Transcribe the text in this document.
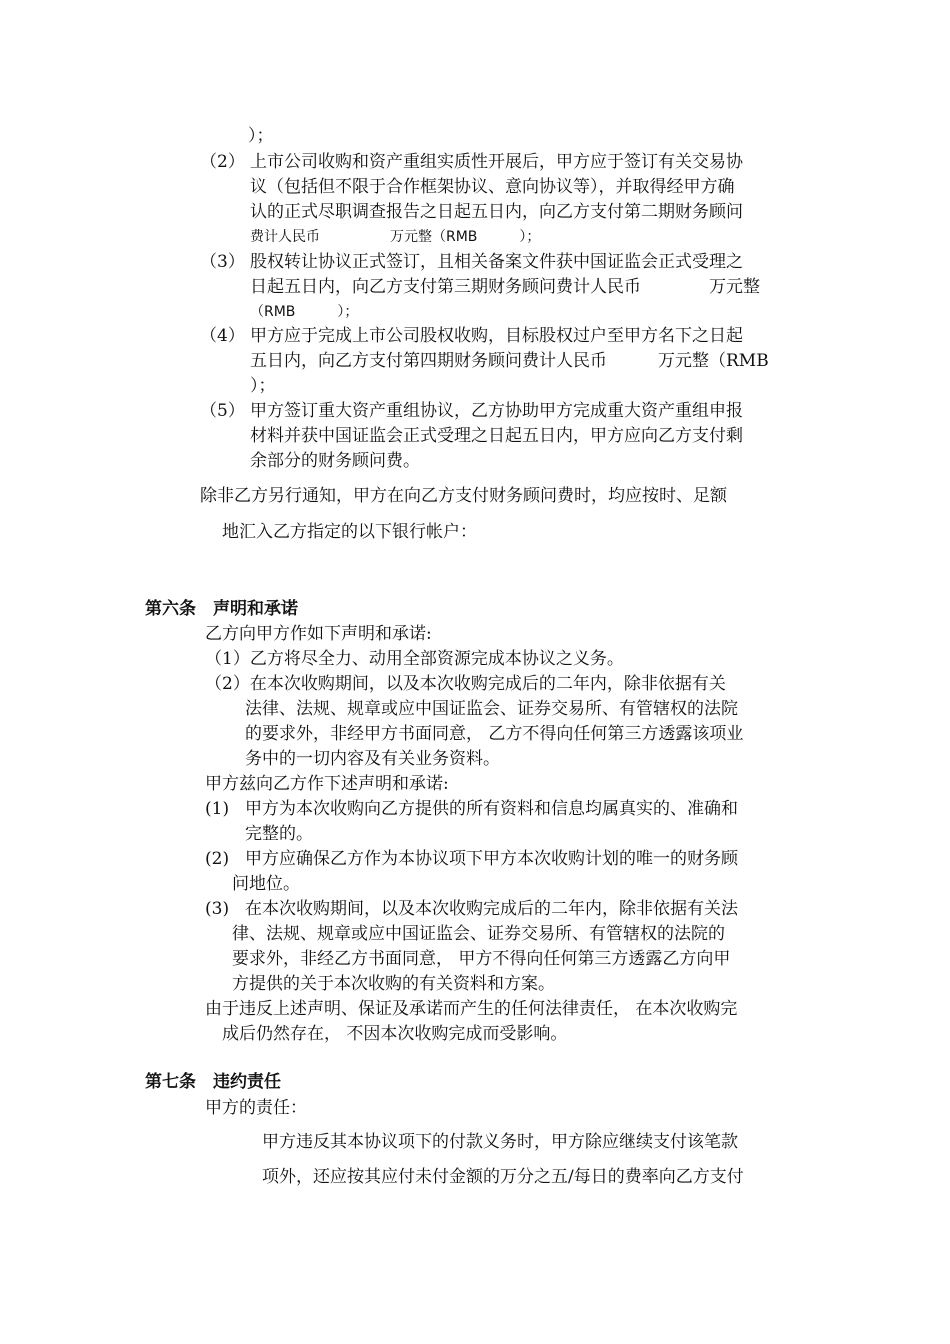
）；
（2） 上市公司收购和资产重组实质性开展后，甲方应于签订有关交易协
议（包括但不限于合作框架协议、意向协议等），并取得经甲方确
认的正式尽职调查报告之日起五日内，向乙方支付第二期财务顾问
费计人民币　　　　　万元整（RMB　　　）；
（3） 股权转让协议正式签订，且相关备案文件获中国证监会正式受理之
日起五日内，向乙方支付第三期财务顾问费计人民币　　　　万元整
（RMB　　　）；
（4） 甲方应于完成上市公司股权收购，目标股权过户至甲方名下之日起
五日内，向乙方支付第四期财务顾问费计人民币　　　万元整（RMB
）；
（5） 甲方签订重大资产重组协议，乙方协助甲方完成重大资产重组申报
材料并获中国证监会正式受理之日起五日内，甲方应向乙方支付剩
余部分的财务顾问费。
除非乙方另行通知，甲方在向乙方支付财务顾问费时，均应按时、足额
地汇入乙方指定的以下银行帐户：
第六条　声明和承诺
乙方向甲方作如下声明和承诺:
（1）乙方将尽全力、动用全部资源完成本协议之义务。
（2）在本次收购期间，以及本次收购完成后的二年内，除非依据有关
法律、法规、规章或应中国证监会、证券交易所、有管辖权的法院
的要求外，非经甲方书面同意， 乙方不得向任何第三方透露该项业
务中的一切内容及有关业务资料。
甲方兹向乙方作下述声明和承诺:
(1) 甲方为本次收购向乙方提供的所有资料和信息均属真实的、准确和
完整的。
(2) 甲方应确保乙方作为本协议项下甲方本次收购计划的唯一的财务顾
问地位。
(3) 在本次收购期间，以及本次收购完成后的二年内，除非依据有关法
律、法规、规章或应中国证监会、证券交易所、有管辖权的法院的
要求外，非经乙方书面同意， 甲方不得向任何第三方透露乙方向甲
方提供的关于本次收购的有关资料和方案。
由于违反上述声明、保证及承诺而产生的任何法律责任， 在本次收购完
成后仍然存在， 不因本次收购完成而受影响。
第七条　违约责任
甲方的责任：
甲方违反其本协议项下的付款义务时，甲方除应继续支付该笔款
项外，还应按其应付未付金额的万分之五/每日的费率向乙方支付
